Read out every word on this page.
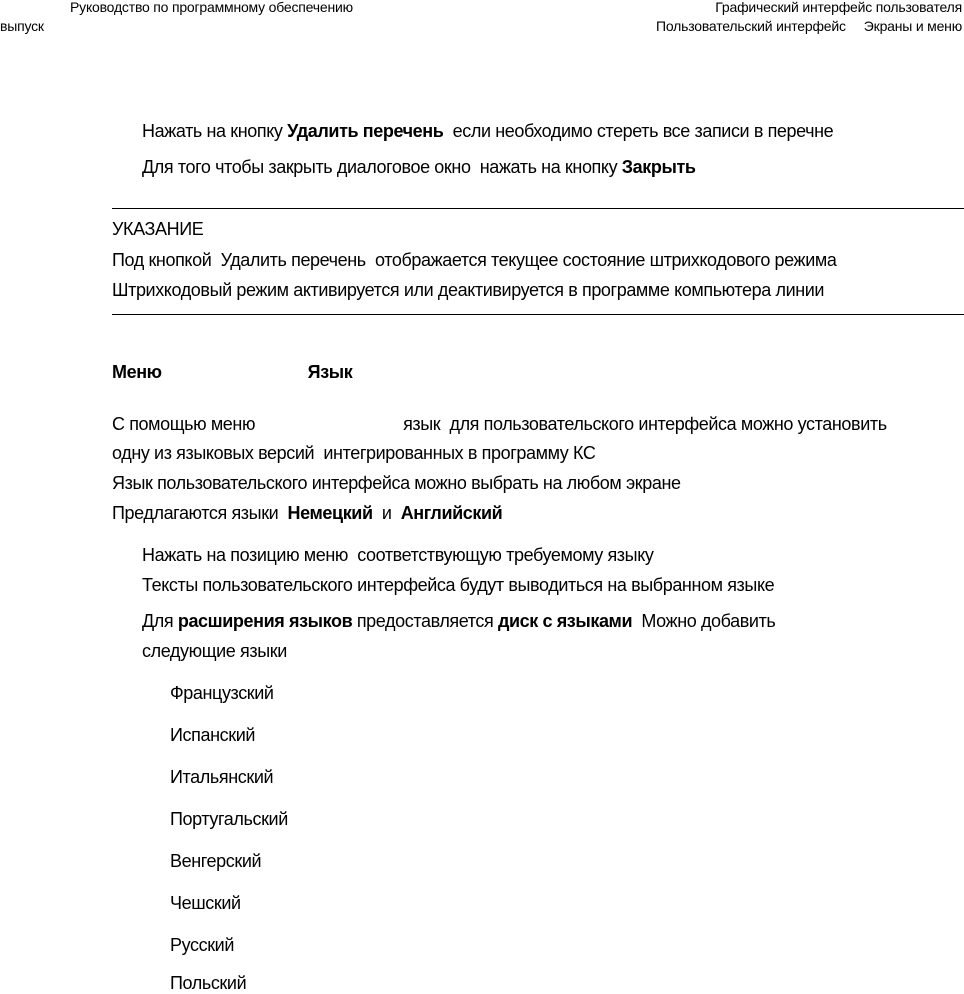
Руководство по программному обеспечению
выпуск
Графический интерфейс пользователя
Пользовательский интерфейс Экраны и меню
Нажать на кнопку Удалить перечень  если необходимо стереть все записи в перечне
Для того чтобы закрыть диалоговое окно  нажать на кнопку Закрыть
УКАЗАНИЕ
Под кнопкой  Удалить перечень  отображается текущее состояние штрихкодового режима
Штрихкодовый режим активируется или деактивируется в программе компьютера линии
Меню	Язык
С помощью меню	язык  для пользовательского интерфейса можно установить
одну из языковых версий  интегрированных в программу КС
Язык пользовательского интерфейса можно выбрать на любом экране
Предлагаются языки  Немецкий  и  Английский
Нажать на позицию меню  соответствующую требуемому языку
Тексты пользовательского интерфейса будут выводиться на выбранном языке
Для расширения языков предоставляется диск с языками  Можно добавить
следующие языки
Французский
Испанский
Итальянский
Португальский
Венгерский
Чешский
Русский
Польский
